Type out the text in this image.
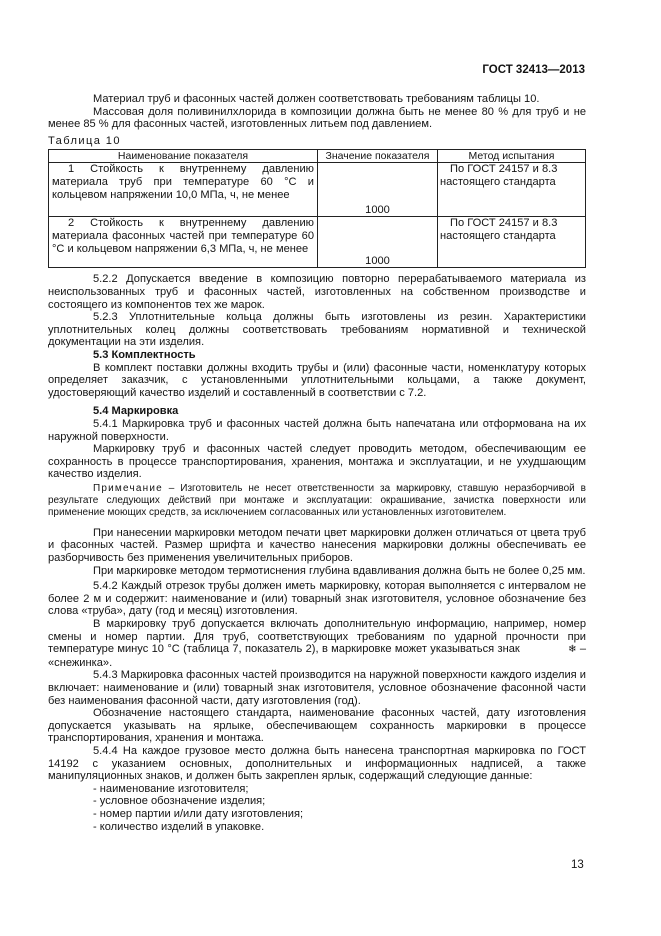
ГОСТ 32413—2013

Материал труб и фасонных частей должен соответствовать требованиям таблицы 10.

Массовая доля поливинилхлорида в композиции должна быть не менее 80 % для труб и не менее 85 % для фасонных частей, изготовленных литьем под давлением.

Таблица 10
Наименование показателя	Значение показателя	Метод испытания
1 Стойкость к внутреннему давлению материала труб при температуре 60 °С и кольцевом напряжении 10,0 МПа, ч, не менее	1000	По ГОСТ 24157 и 8.3 настоящего стандарта
2 Стойкость к внутреннему давлению материала фасонных частей при температуре 60 °С и кольцевом напряжении 6,3 МПа, ч, не менее	1000	По ГОСТ 24157 и 8.3 настоящего стандарта

5.2.2 Допускается введение в композицию повторно перерабатываемого материала из неиспользованных труб и фасонных частей, изготовленных на собственном производстве и состоящего из компонентов тех же марок.

5.2.3 Уплотнительные кольца должны быть изготовлены из резин. Характеристики уплотнительных колец должны соответствовать требованиям нормативной и технической документации на эти изделия.

5.3 Комплектность

В комплект поставки должны входить трубы и (или) фасонные части, номенклатуру которых определяет заказчик, с установленными уплотнительными кольцами, а также документ, удостоверяющий качество изделий и составленный в соответствии с 7.2.

5.4 Маркировка

5.4.1 Маркировка труб и фасонных частей должна быть напечатана или отформована на их наружной поверхности.

Маркировку труб и фасонных частей следует проводить методом, обеспечивающим ее сохранность в процессе транспортирования, хранения, монтажа и эксплуатации, и не ухудшающим качество изделия.

Примечание – Изготовитель не несет ответственности за маркировку, ставшую неразборчивой в результате следующих действий при монтаже и эксплуатации: окрашивание, зачистка поверхности или применение моющих средств, за исключением согласованных или установленных изготовителем.

При нанесении маркировки методом печати цвет маркировки должен отличаться от цвета труб и фасонных частей. Размер шрифта и качество нанесения маркировки должны обеспечивать ее разборчивость без применения увеличительных приборов.

При маркировке методом термотиснения глубина вдавливания должна быть не более 0,25 мм.

5.4.2 Каждый отрезок трубы должен иметь маркировку, которая выполняется с интервалом не более 2 м и содержит: наименование и (или) товарный знак изготовителя, условное обозначение без слова «труба», дату (год и месяц) изготовления.

В маркировку труб допускается включать дополнительную информацию, например, номер смены и номер партии. Для труб, соответствующих требованиям по ударной прочности при температуре минус 10 °С (таблица 7, показатель 2), в маркировке может указываться знак	❄ – «снежинка».

5.4.3 Маркировка фасонных частей производится на наружной поверхности каждого изделия и включает: наименование и (или) товарный знак изготовителя, условное обозначение фасонной части без наименования фасонной части, дату изготовления (год).

Обозначение настоящего стандарта, наименование фасонных частей, дату изготовления допускается указывать на ярлыке, обеспечивающем сохранность маркировки в процессе транспортирования, хранения и монтажа.

5.4.4 На каждое грузовое место должна быть нанесена транспортная маркировка по ГОСТ 14192 с указанием основных, дополнительных и информационных надписей, а также манипуляционных знаков, и должен быть закреплен ярлык, содержащий следующие данные:

- наименование изготовителя;
- условное обозначение изделия;
- номер партии и/или дату изготовления;
- количество изделий в упаковке.
13
